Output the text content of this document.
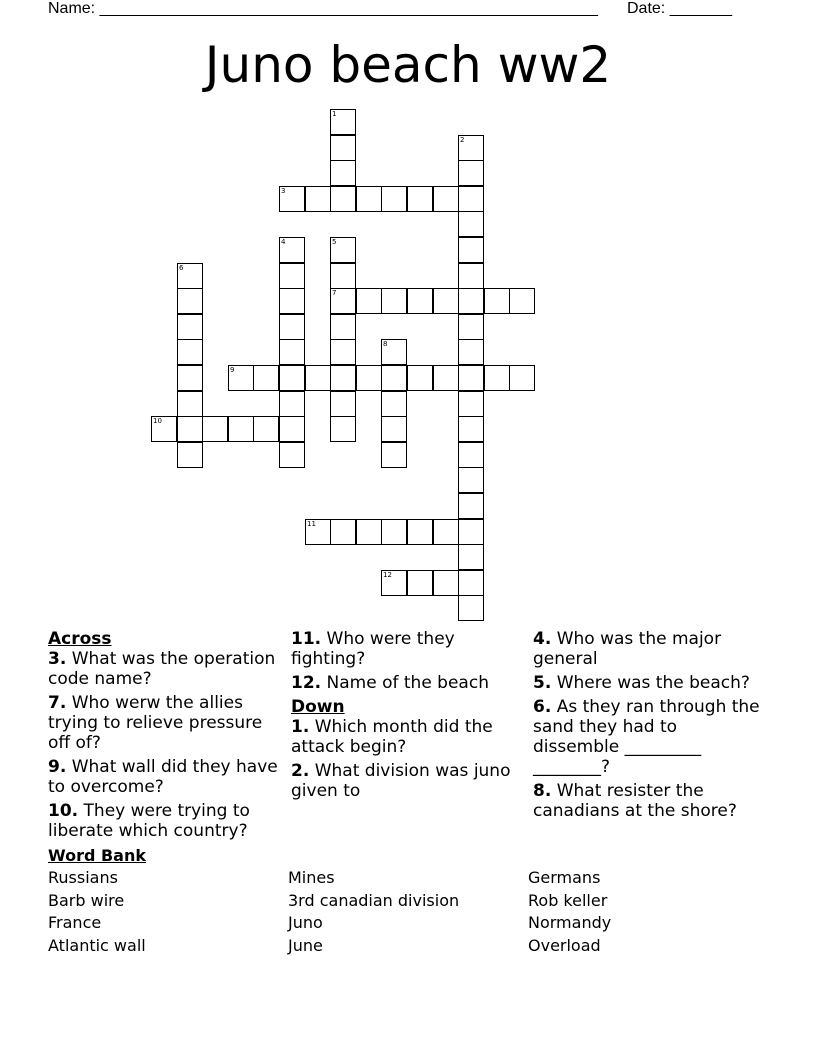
Name: ________________________________________________________ Date: _______
Juno beach ww2
1
2
3
4	5
7
6
8
9
10
11
12
Across
3. What was the operation code name?
7. Who werw the allies trying to relieve pressure off of?
9. What wall did they have to overcome?
10. They were trying to liberate which country?
11. Who were they fighting?
12. Name of the beach
Down
1. Which month did the attack begin?
2. What division was juno given to
4. Who was the major general
5. Where was the beach?
6. As they ran through the sand they had to dissemble _________ ________?
8. What resister the canadians at the shore?
Word Bank
Russians
Barb wire
France
Atlantic wall
Mines
3rd canadian division
Juno
June
Germans
Rob keller
Normandy
Overload
